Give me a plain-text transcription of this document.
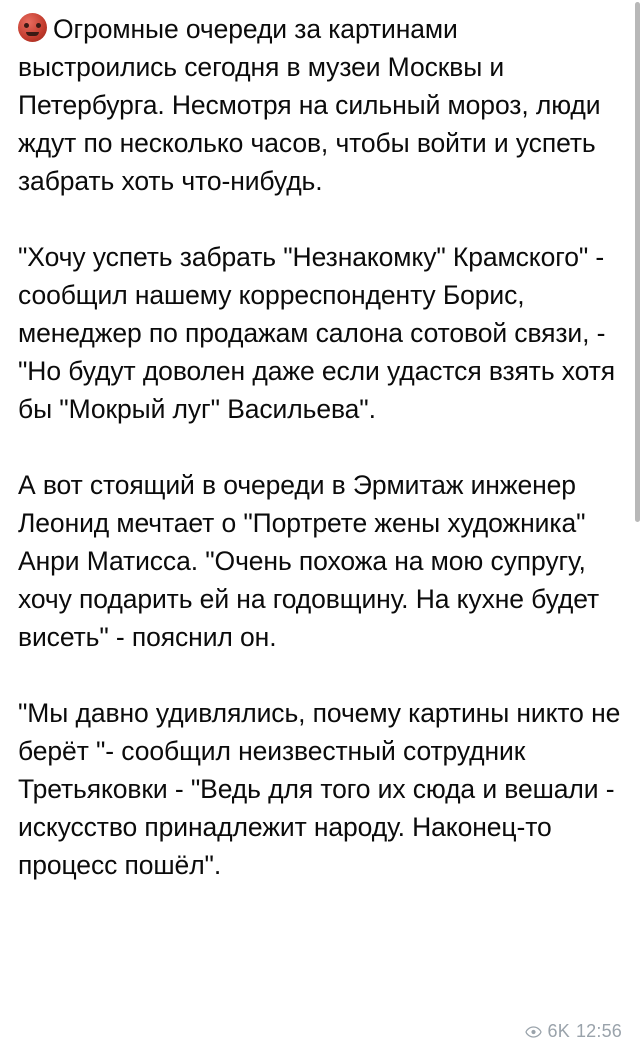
Огромные очереди за картинами выстроились сегодня в музеи Москвы и Петербурга. Несмотря на сильный мороз, люди ждут по несколько часов, чтобы войти и успеть забрать хоть что-нибудь.

"Хочу успеть забрать "Незнакомку" Крамского" - сообщил нашему корреспонденту Борис, менеджер по продажам салона сотовой связи, - "Но будут доволен даже если удастся взять хотя бы "Мокрый луг" Васильева".

А вот стоящий в очереди в Эрмитаж инженер Леонид мечтает о "Портрете жены художника" Анри Матисса. "Очень похожа на мою супругу, хочу подарить ей на годовщину. На кухне будет висеть" - пояснил он.

"Мы давно удивлялись, почему картины никто не берёт "- сообщил неизвестный сотрудник Третьяковки - "Ведь для того их сюда и вешали - искусство принадлежит народу. Наконец-то процесс пошёл".

6K 12:56
